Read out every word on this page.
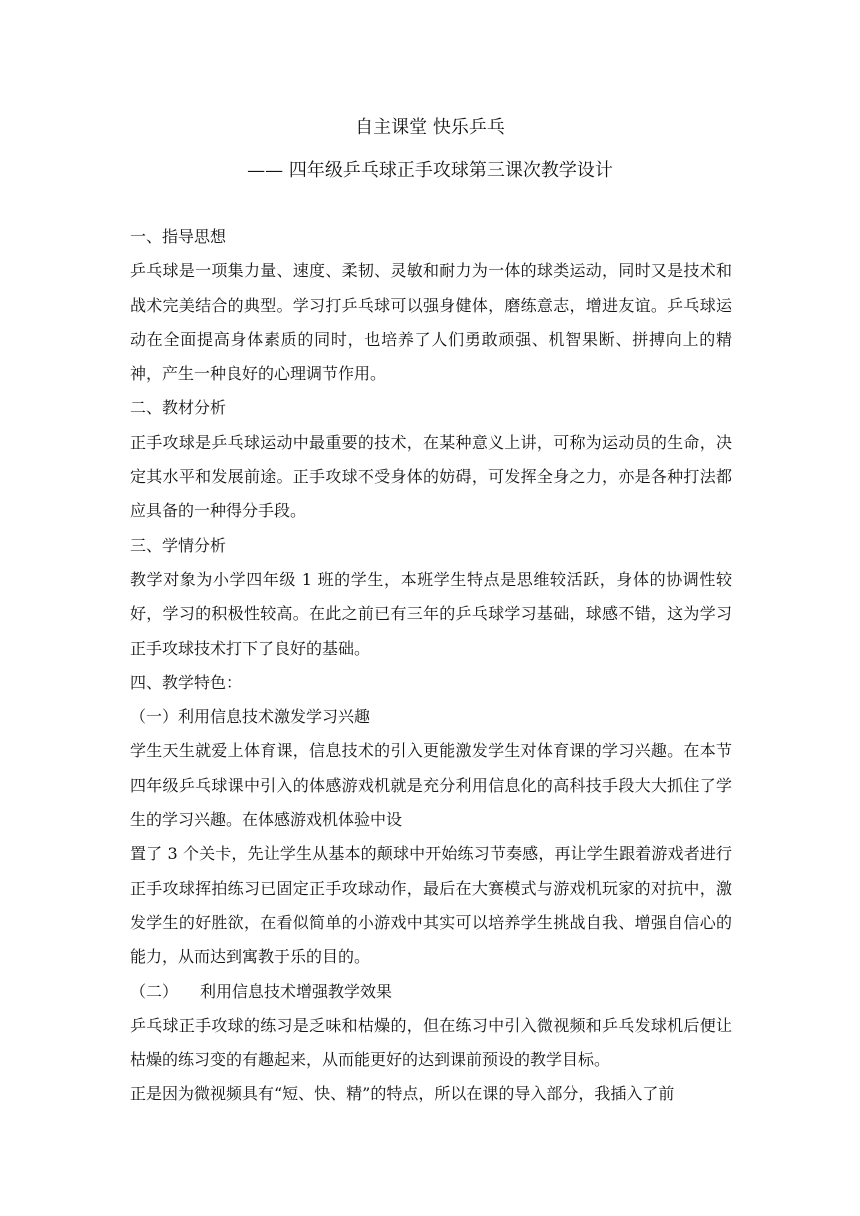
自主课堂 快乐乒乓
—— 四年级乒乓球正手攻球第三课次教学设计

一、指导思想

乒乓球是一项集力量、速度、柔韧、灵敏和耐力为一体的球类运动，同时又是技术和战术完美结合的典型。学习打乒乓球可以强身健体，磨练意志，增进友谊。乒乓球运动在全面提高身体素质的同时，也培养了人们勇敢顽强、机智果断、拼搏向上的精神，产生一种良好的心理调节作用。

二、教材分析

正手攻球是乒乓球运动中最重要的技术，在某种意义上讲，可称为运动员的生命，决定其水平和发展前途。正手攻球不受身体的妨碍，可发挥全身之力，亦是各种打法都应具备的一种得分手段。

三、学情分析

教学对象为小学四年级 1 班的学生，本班学生特点是思维较活跃，身体的协调性较好，学习的积极性较高。在此之前已有三年的乒乓球学习基础，球感不错，这为学习正手攻球技术打下了良好的基础。

四、教学特色：

（一）利用信息技术激发学习兴趣

学生天生就爱上体育课，信息技术的引入更能激发学生对体育课的学习兴趣。在本节四年级乒乓球课中引入的体感游戏机就是充分利用信息化的高科技手段大大抓住了学生的学习兴趣。在体感游戏机体验中设

置了 3 个关卡，先让学生从基本的颠球中开始练习节奏感，再让学生跟着游戏者进行正手攻球挥拍练习已固定正手攻球动作，最后在大赛模式与游戏机玩家的对抗中，激发学生的好胜欲，在看似简单的小游戏中其实可以培养学生挑战自我、增强自信心的能力，从而达到寓教于乐的目的。

（二） 利用信息技术增强教学效果

乒乓球正手攻球的练习是乏味和枯燥的，但在练习中引入微视频和乒乓发球机后便让枯燥的练习变的有趣起来，从而能更好的达到课前预设的教学目标。

正是因为微视频具有“短、快、精”的特点，所以在课的导入部分，我插入了前
